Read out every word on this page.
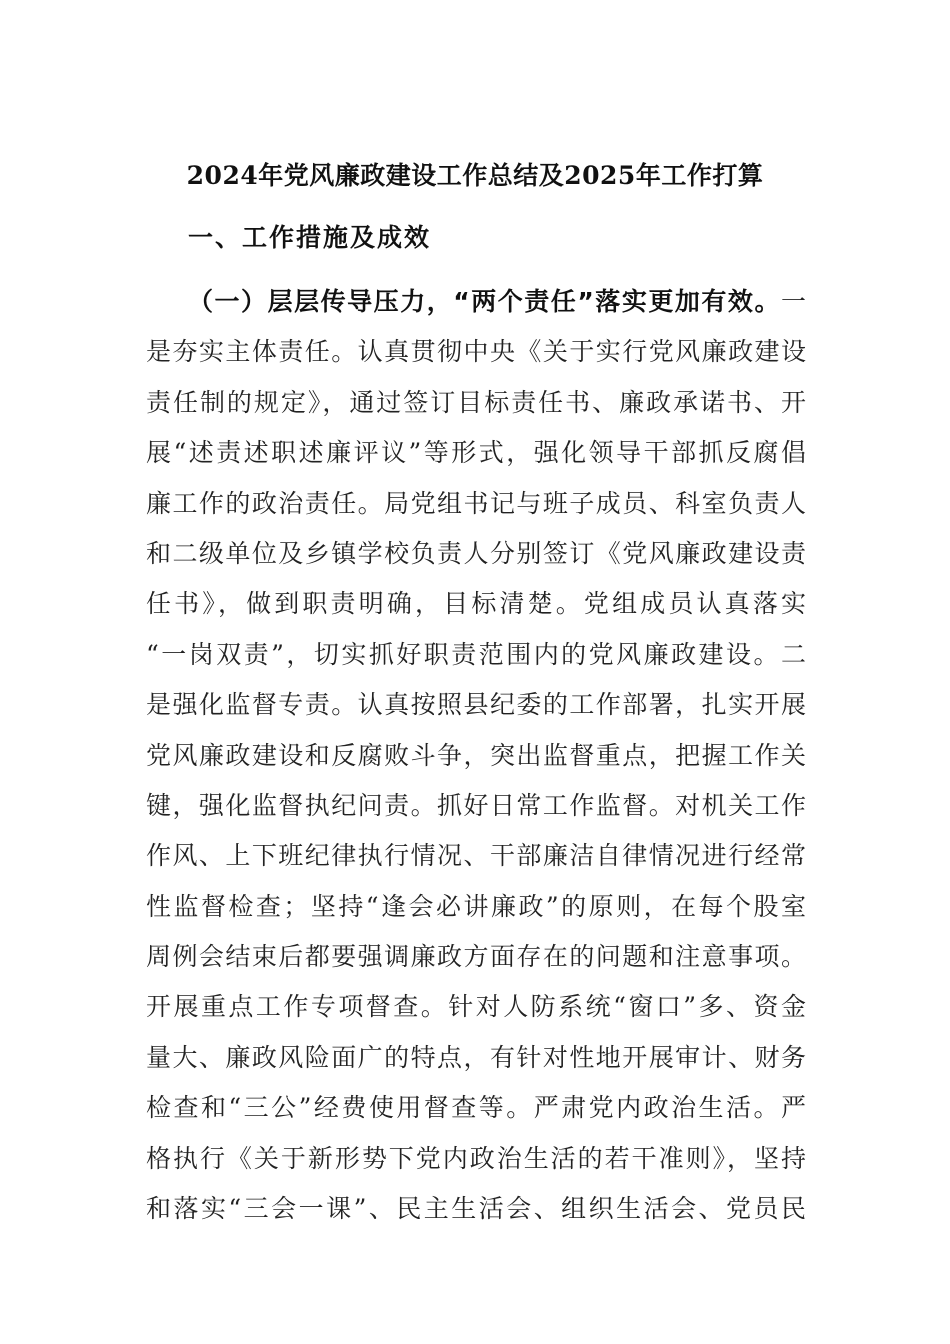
2024年党风廉政建设工作总结及2025年工作打算
一、工作措施及成效
（一）层层传导压力，“两个责任”落实更加有效。一
是夯实主体责任。认真贯彻中央《关于实行党风廉政建设
责任制的规定》，通过签订目标责任书、廉政承诺书、开
展“述责述职述廉评议”等形式，强化领导干部抓反腐倡
廉工作的政治责任。局党组书记与班子成员、科室负责人
和二级单位及乡镇学校负责人分别签订《党风廉政建设责
任书》，做到职责明确，目标清楚。党组成员认真落实
“一岗双责”，切实抓好职责范围内的党风廉政建设。二
是强化监督专责。认真按照县纪委的工作部署，扎实开展
党风廉政建设和反腐败斗争，突出监督重点，把握工作关
键，强化监督执纪问责。抓好日常工作监督。对机关工作
作风、上下班纪律执行情况、干部廉洁自律情况进行经常
性监督检查；坚持“逢会必讲廉政”的原则，在每个股室
周例会结束后都要强调廉政方面存在的问题和注意事项。
开展重点工作专项督查。针对人防系统“窗口”多、资金
量大、廉政风险面广的特点，有针对性地开展审计、财务
检查和“三公”经费使用督查等。严肃党内政治生活。严
格执行《关于新形势下党内政治生活的若干准则》，坚持
和落实“三会一课”、民主生活会、组织生活会、党员民
